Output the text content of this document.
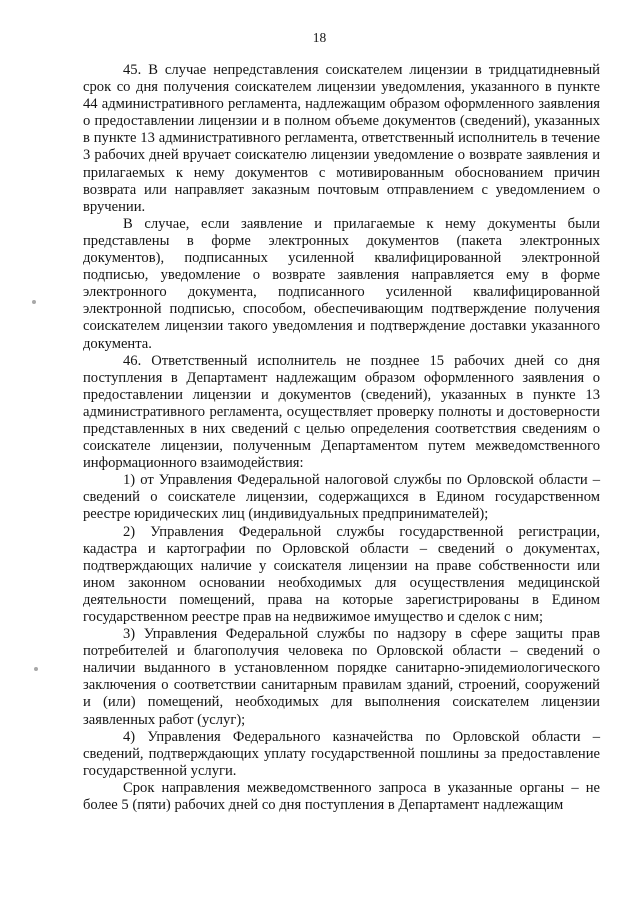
18

45. В случае непредставления соискателем лицензии в тридцатидневный срок со дня получения соискателем лицензии уведомления, указанного в пункте 44 административного регламента, надлежащим образом оформленного заявления о предоставлении лицензии и в полном объеме документов (сведений), указанных в пункте 13 административного регламента, ответственный исполнитель в течение 3 рабочих дней вручает соискателю лицензии уведомление о возврате заявления и прилагаемых к нему документов с мотивированным обоснованием причин возврата или направляет заказным почтовым отправлением с уведомлением о вручении.

В случае, если заявление и прилагаемые к нему документы были представлены в форме электронных документов (пакета электронных документов), подписанных усиленной квалифицированной электронной подписью, уведомление о возврате заявления направляется ему в форме электронного документа, подписанного усиленной квалифицированной электронной подписью, способом, обеспечивающим подтверждение получения соискателем лицензии такого уведомления и подтверждение доставки указанного документа.

46. Ответственный исполнитель не позднее 15 рабочих дней со дня поступления в Департамент надлежащим образом оформленного заявления о предоставлении лицензии и документов (сведений), указанных в пункте 13 административного регламента, осуществляет проверку полноты и достоверности представленных в них сведений с целью определения соответствия сведениям о соискателе лицензии, полученным Департаментом путем межведомственного информационного взаимодействия:

1) от Управления Федеральной налоговой службы по Орловской области – сведений о соискателе лицензии, содержащихся в Едином государственном реестре юридических лиц (индивидуальных предпринимателей);

2) Управления Федеральной службы государственной регистрации, кадастра и картографии по Орловской области – сведений о документах, подтверждающих наличие у соискателя лицензии на праве собственности или ином законном основании необходимых для осуществления медицинской деятельности помещений, права на которые зарегистрированы в Едином государственном реестре прав на недвижимое имущество и сделок с ним;

3) Управления Федеральной службы по надзору в сфере защиты прав потребителей и благополучия человека по Орловской области – сведений о наличии выданного в установленном порядке санитарно-эпидемиологического заключения о соответствии санитарным правилам зданий, строений, сооружений и (или) помещений, необходимых для выполнения соискателем лицензии заявленных работ (услуг);

4) Управления Федерального казначейства по Орловской области – сведений, подтверждающих уплату государственной пошлины за предоставление государственной услуги.

Срок направления межведомственного запроса в указанные органы – не более 5 (пяти) рабочих дней со дня поступления в Департамент надлежащим
